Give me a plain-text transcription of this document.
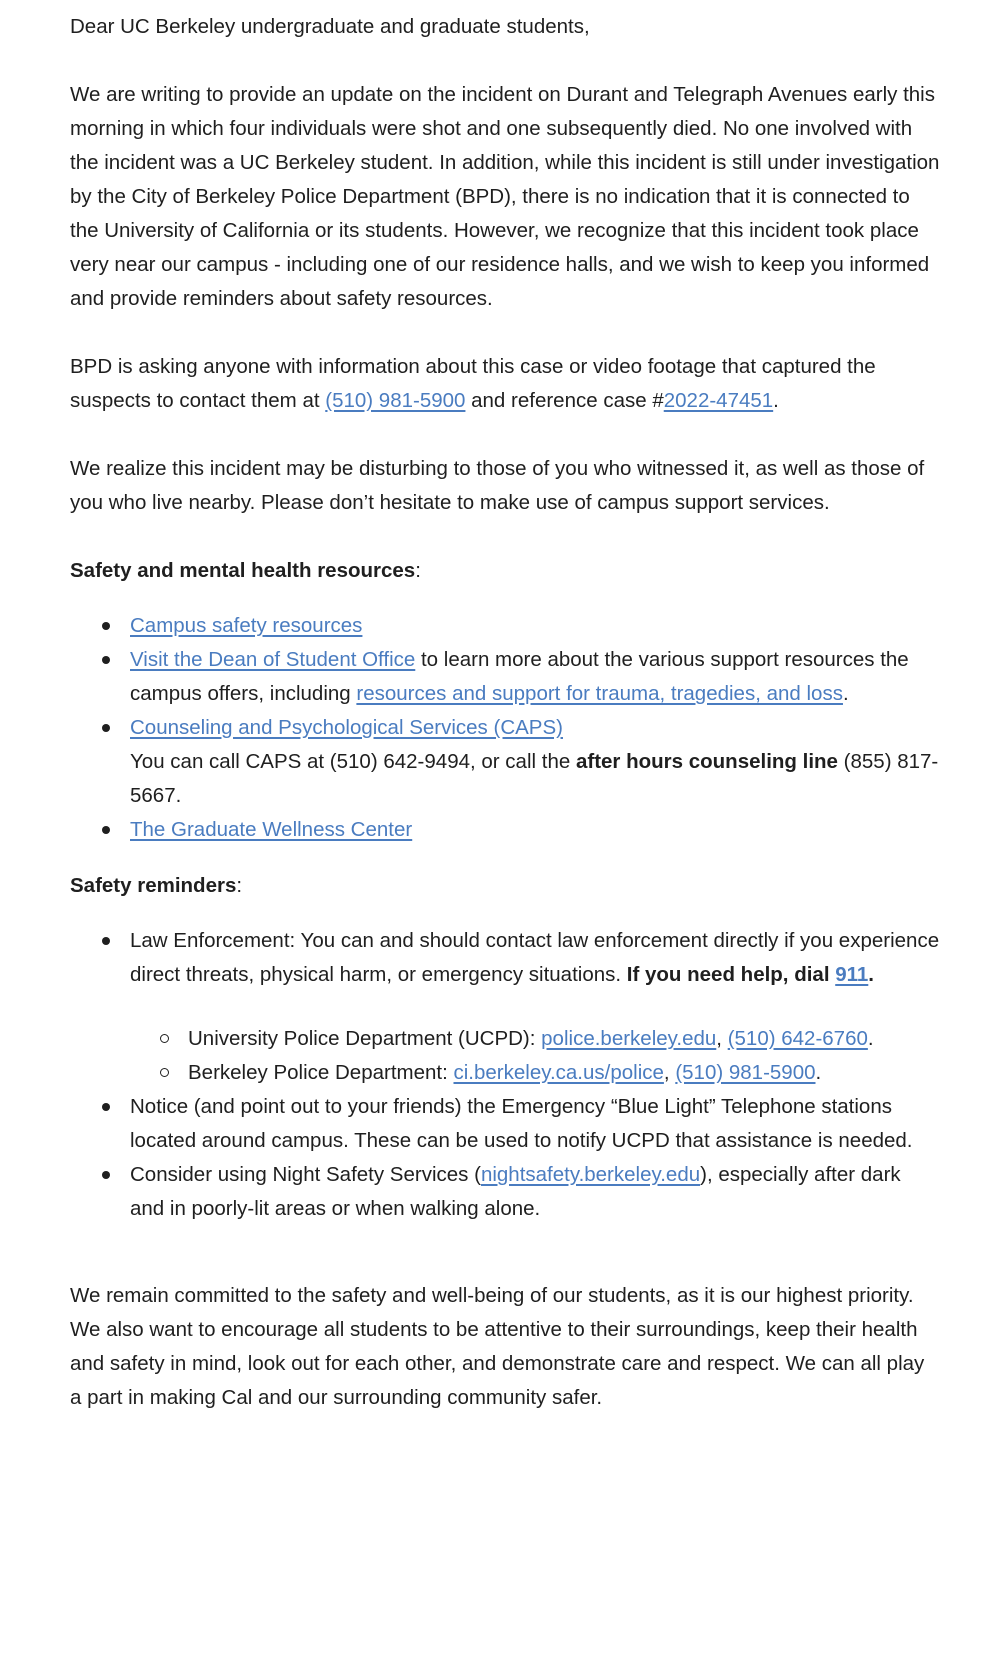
Dear UC Berkeley undergraduate and graduate students,

We are writing to provide an update on the incident on Durant and Telegraph Avenues early this morning in which four individuals were shot and one subsequently died. No one involved with the incident was a UC Berkeley student. In addition, while this incident is still under investigation by the City of Berkeley Police Department (BPD), there is no indication that it is connected to the University of California or its students. However, we recognize that this incident took place very near our campus - including one of our residence halls, and we wish to keep you informed and provide reminders about safety resources.

BPD is asking anyone with information about this case or video footage that captured the suspects to contact them at (510) 981-5900 and reference case #2022-47451.

We realize this incident may be disturbing to those of you who witnessed it, as well as those of you who live nearby. Please don’t hesitate to make use of campus support services.

Safety and mental health resources:

Campus safety resources
Visit the Dean of Student Office to learn more about the various support resources the campus offers, including resources and support for trauma, tragedies, and loss.
Counseling and Psychological Services (CAPS)
You can call CAPS at (510) 642-9494, or call the after hours counseling line (855) 817-5667.
The Graduate Wellness Center

Safety reminders:

Law Enforcement: You can and should contact law enforcement directly if you experience direct threats, physical harm, or emergency situations. If you need help, dial 911.
University Police Department (UCPD): police.berkeley.edu, (510) 642-6760.
Berkeley Police Department: ci.berkeley.ca.us/police, (510) 981-5900.
Notice (and point out to your friends) the Emergency “Blue Light” Telephone stations located around campus. These can be used to notify UCPD that assistance is needed.
Consider using Night Safety Services (nightsafety.berkeley.edu), especially after dark and in poorly-lit areas or when walking alone.

We remain committed to the safety and well-being of our students, as it is our highest priority. We also want to encourage all students to be attentive to their surroundings, keep their health and safety in mind, look out for each other, and demonstrate care and respect. We can all play a part in making Cal and our surrounding community safer.
